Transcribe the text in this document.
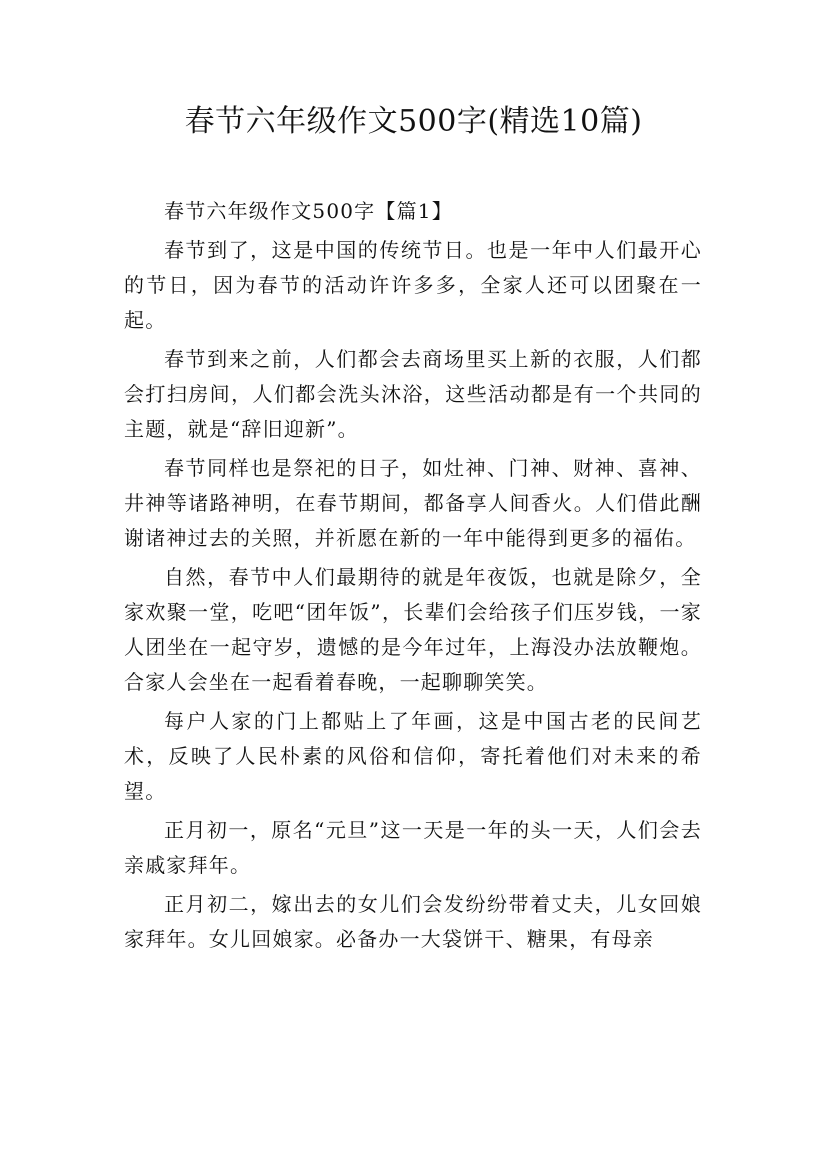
春节六年级作文500字(精选10篇)

春节六年级作文500字【篇1】

春节到了，这是中国的传统节日。也是一年中人们最开心的节日，因为春节的活动许许多多，全家人还可以团聚在一起。

春节到来之前，人们都会去商场里买上新的衣服，人们都会打扫房间，人们都会洗头沐浴，这些活动都是有一个共同的主题，就是“辞旧迎新”。

春节同样也是祭祀的日子，如灶神、门神、财神、喜神、井神等诸路神明，在春节期间，都备享人间香火。人们借此酬谢诸神过去的关照，并祈愿在新的一年中能得到更多的福佑。

自然，春节中人们最期待的就是年夜饭，也就是除夕，全家欢聚一堂，吃吧“团年饭”，长辈们会给孩子们压岁钱，一家人团坐在一起守岁，遗憾的是今年过年，上海没办法放鞭炮。合家人会坐在一起看着春晚，一起聊聊笑笑。

每户人家的门上都贴上了年画，这是中国古老的民间艺术，反映了人民朴素的风俗和信仰，寄托着他们对未来的希望。

正月初一，原名“元旦”这一天是一年的头一天，人们会去亲戚家拜年。

正月初二，嫁出去的女儿们会发纷纷带着丈夫，儿女回娘家拜年。女儿回娘家。必备办一大袋饼干、糖果，有母亲
